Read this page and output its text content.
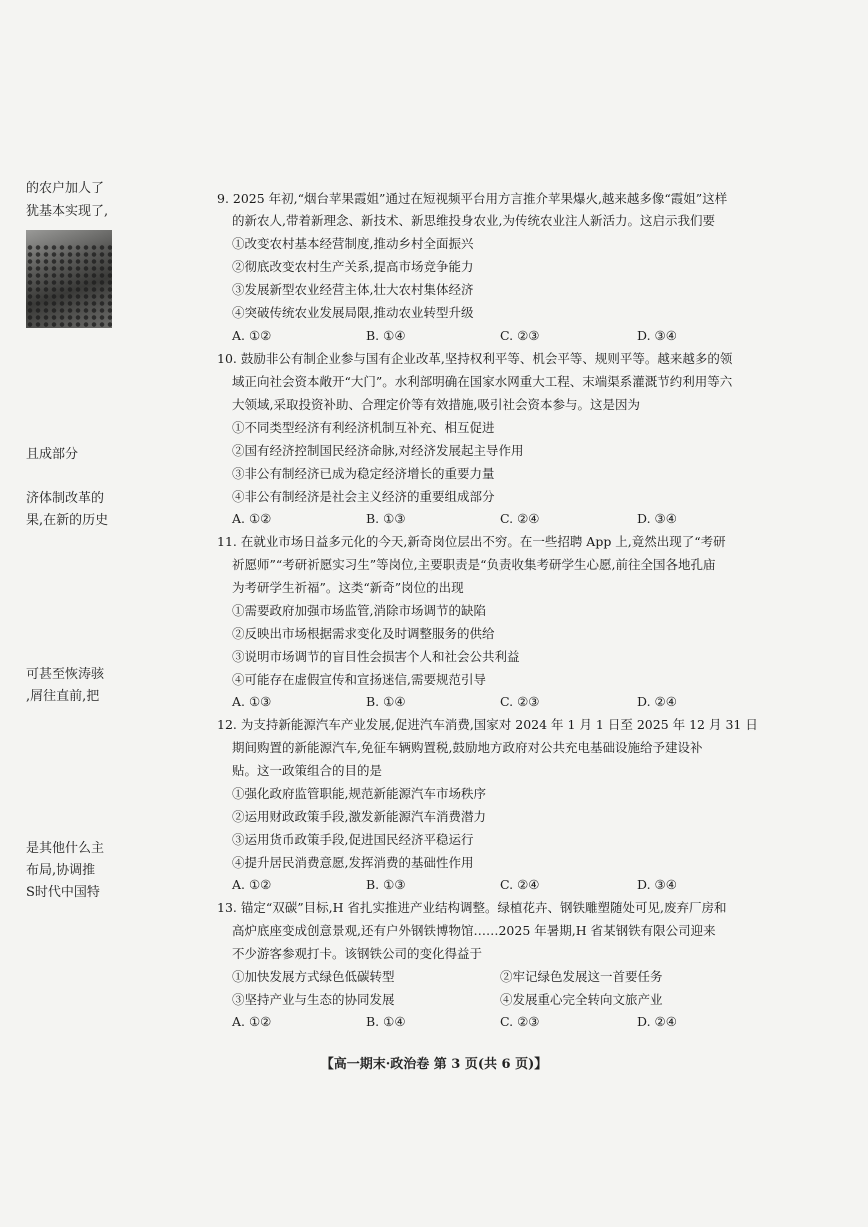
的农户加人了
犹基本实现了,
且成部分
济体制改革的
果,在新的历史
可甚至恢涛骇
,屑往直前,把
是其他什么主
布局,协调推
S时代中国特
9. 2025 年初,“烟台苹果霞姐”通过在短视频平台用方言推介苹果爆火,越来越多像“霞姐”这样
的新农人,带着新理念、新技术、新思维投身农业,为传统农业注人新活力。这启示我们要
①改变农村基本经营制度,推动乡村全面振兴
②彻底改变农村生产关系,提高市场竞争能力
③发展新型农业经营主体,壮大农村集体经济
④突破传统农业发展局限,推动农业转型升级
A. ①②	B. ①④	C. ②③	D. ③④
10. 鼓励非公有制企业参与国有企业改革,坚持权利平等、机会平等、规则平等。越来越多的领
域正向社会资本敞开“大门”。水利部明确在国家水网重大工程、末端渠系灌溉节约利用等六
大领域,采取投资补助、合理定价等有效措施,吸引社会资本参与。这是因为
①不同类型经济有利经济机制互补充、相互促进
②国有经济控制国民经济命脉,对经济发展起主导作用
③非公有制经济已成为稳定经济增长的重要力量
④非公有制经济是社会主义经济的重要组成部分
A. ①②	B. ①③	C. ②④	D. ③④
11. 在就业市场日益多元化的今天,新奇岗位层出不穷。在一些招聘 App 上,竟然出现了“考研
祈愿师”“考研祈愿实习生”等岗位,主要职责是“负责收集考研学生心愿,前往全国各地孔庙
为考研学生祈福”。这类“新奇”岗位的出现
①需要政府加强市场监管,消除市场调节的缺陷
②反映出市场根据需求变化及时调整服务的供给
③说明市场调节的盲目性会损害个人和社会公共利益
④可能存在虚假宣传和宣扬迷信,需要规范引导
A. ①③	B. ①④	C. ②③	D. ②④
12. 为支持新能源汽车产业发展,促进汽车消费,国家对 2024 年 1 月 1 日至 2025 年 12 月 31 日
期间购置的新能源汽车,免征车辆购置税,鼓励地方政府对公共充电基础设施给予建设补
贴。这一政策组合的目的是
①强化政府监管职能,规范新能源汽车市场秩序
②运用财政政策手段,激发新能源汽车消费潜力
③运用货币政策手段,促进国民经济平稳运行
④提升居民消费意愿,发挥消费的基础性作用
A. ①②	B. ①③	C. ②④	D. ③④
13. 锚定“双碳”目标,H 省扎实推进产业结构调整。绿植花卉、钢铁雕塑随处可见,废弃厂房和
高炉底座变成创意景观,还有户外钢铁博物馆……2025 年暑期,H 省某钢铁有限公司迎来
不少游客参观打卡。该钢铁公司的变化得益于
①加快发展方式绿色低碳转型	②牢记绿色发展这一首要任务
③坚持产业与生态的协同发展	④发展重心完全转向文旅产业
A. ①②	B. ①④	C. ②③	D. ②④
【高一期末·政治卷 第 3 页(共 6 页)】
